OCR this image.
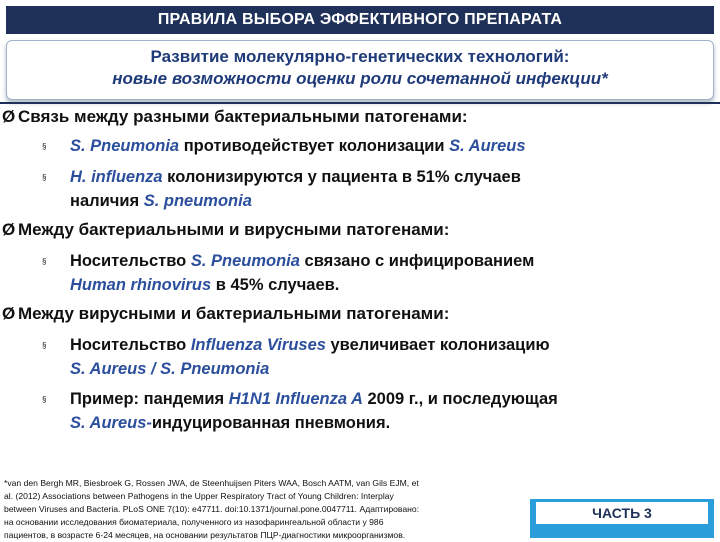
ПРАВИЛА ВЫБОРА ЭФФЕКТИВНОГО ПРЕПАРАТА
Развитие молекулярно-генетических технологий:
новые возможности оценки роли сочетанной инфекции*
Ø Связь между разными бактериальными патогенами:
§ S. Pneumonia противодействует колонизации S. Aureus
§ H. influenza колонизируются у пациента в 51% случаев
наличия S. pneumonia
Ø Между бактериальными и вирусными патогенами:
§ Носительство S. Pneumonia связано с инфицированием
Human rhinovirus в 45% случаев.
Ø Между вирусными и бактериальными патогенами:
§ Носительство Influenza Viruses увеличивает колонизацию
S. Aureus / S. Pneumonia
§ Пример: пандемия H1N1 Influenza A 2009 г., и последующая
S. Aureus-индуцированная пневмония.
*van den Bergh MR, Biesbroek G, Rossen JWA, de Steenhuijsen Piters WAA, Bosch AATM, van Gils EJM, et
al. (2012) Associations between Pathogens in the Upper Respiratory Tract of Young Children: Interplay
between Viruses and Bacteria. PLoS ONE 7(10): e47711. doi:10.1371/journal.pone.0047711. Адаптировано:
на основании исследования биоматериала, полученного из назофарингеальной области у 986
пациентов, в возрасте 6-24 месяцев, на основании результатов ПЦР-диагностики микроорганизмов.
ЧАСТЬ 3
